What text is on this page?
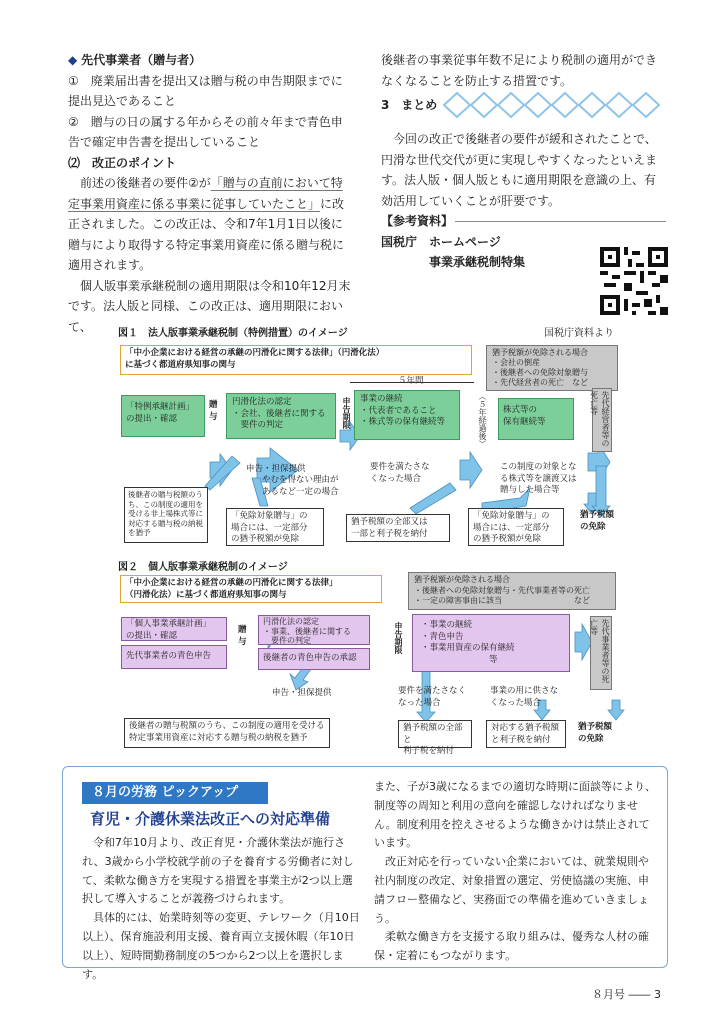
◆ 先代事業者（贈与者）

①　廃業届出書を提出又は贈与税の申告期限までに提出見込であること

②　贈与の日の属する年からその前々年まで青色申告で確定申告書を提出していること

⑵　改正のポイント

　前述の後継者の要件②が「贈与の直前において特定事業用資産に係る事業に従事していたこと」に改正されました。この改正は、令和7年1月1日以後に贈与により取得する特定事業用資産に係る贈与税に適用されます。

　個人版事業承継税制の適用期限は令和10年12月末です。法人版と同様、この改正は、適用期限において、

後継者の事業従事年数不足により税制の適用ができなくなることを防止する措置です。

3 まとめ

　今回の改正で後継者の要件が緩和されたことで、円滑な世代交代が更に実現しやすくなったといえます。法人版・個人版ともに適用期限を意識の上、有効活用していくことが肝要です。

【参考資料】

国税庁　ホームページ

事業承継税制特集

図１　法人版事業承継税制（特例措置）のイメージ	国税庁資料より
「中小企業における経営の承継の円滑化に関する法律」（円滑化法）
に基づく都道府県知事の関与
猶予税額が免除される場合
・会社の倒産
・後継者への免除対象贈与
・先代経営者の死亡　など
５年間
「特例承継計画」
の提出・確認
贈
与
円滑化法の認定
・会社、後継者に関する
　要件の判定	申告期限	事業の継続
・代表者であること
・株式等の保有継続等	（５年経過後）	株式等の
保有継続等	先代経営者等の死亡等
申告・担保提供	要件を満たさな
くなった場合
この制度の対象となる株式等を譲渡又は贈与した場合等
やむを得ない理由が
あるなど一定の場合
後継者の贈与税額のうち、この制度の適用を受ける非上場株式等に対応する贈与税の納税を猶予
「免除対象贈与」の
場合には、一定部分
の猶予税額が免除
猶予税額の全部又は
一部と利子税を納付
「免除対象贈与」の
場合には、一定部分
の猶予税額が免除
猶予税額
の免除
図２　個人版事業承継税制のイメージ
「中小企業における経営の承継の円滑化に関する法律」
（円滑化法）に基づく都道府県知事の関与
猶予税額が免除される場合
・後継者への免除対象贈与・先代事業者等の死亡
・一定の障害事由に該当　　　　　　　　　など
「個人事業承継計画」
の提出・確認
先代事業者の青色申告
贈
与
円滑化法の認定
・事業、後継者に関する
　要件の判定
後継者の青色申告の承認
申告期限	・事業の継続
・青色申告
・事業用資産の保有継続
　　　　　　　　等	先代事業者等の死亡等
申告・担保提供	要件を満たさなく
なった場合
事業の用に供さな
くなった場合
後継者の贈与税額のうち、この制度の適用を受ける特定事業用資産に対応する贈与税の納税を猶予
猶予税額の全部と
利子税を納付
対応する猶予税額
と利子税を納付
猶予税額
の免除
８月の労務 ピックアップ
育児・介護休業法改正への対応準備

　令和7年10月より、改正育児・介護休業法が施行され、3歳から小学校就学前の子を養育する労働者に対して、柔軟な働き方を実現する措置を事業主が2つ以上選択して導入することが義務づけられます。

　具体的には、始業時刻等の変更、テレワーク（月10日以上）、保育施設利用支援、養育両立支援休暇（年10日以上）、短時間勤務制度の5つから2つ以上を選択します。

また、子が3歳になるまでの適切な時期に面談等により、制度等の周知と利用の意向を確認しなければなりません。制度利用を控えさせるような働きかけは禁止されています。

　改正対応を行っていない企業においては、就業規則や社内制度の改定、対象措置の選定、労使協議の実施、申請フロー整備など、実務面での準備を進めていきましょう。

　柔軟な働き方を支援する取り組みは、優秀な人材の確保・定着にもつながります。

８月号 ―― 3
